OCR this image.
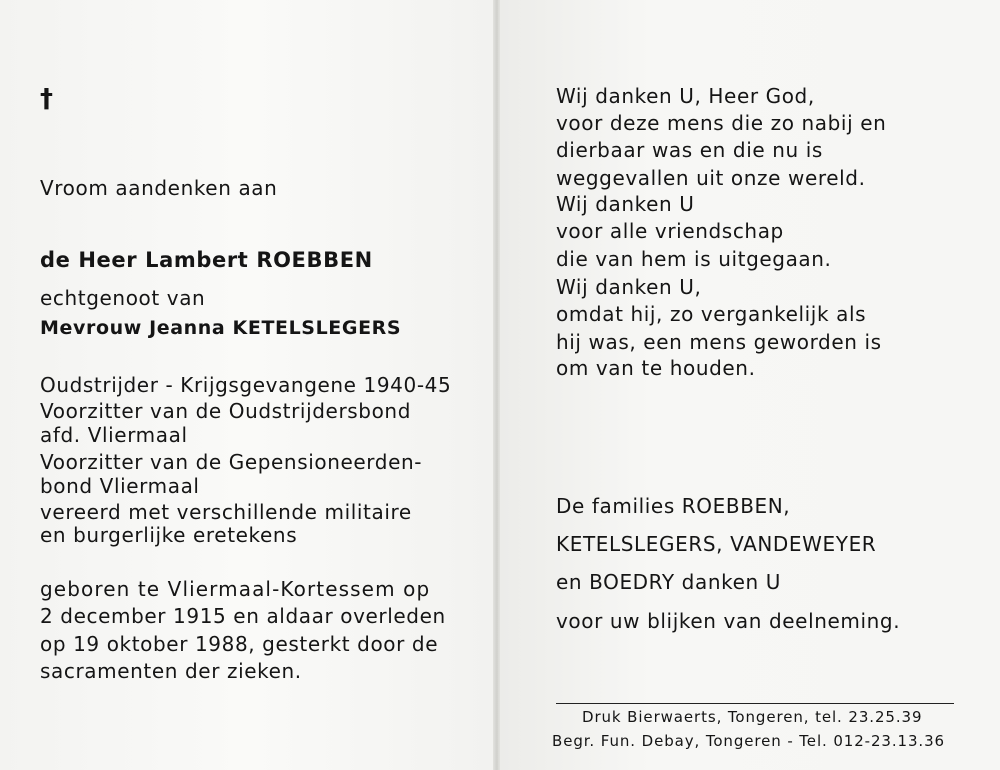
†
Vroom aandenken aan
de Heer Lambert ROEBBEN
echtgenoot van
Mevrouw Jeanna KETELSLEGERS
Oudstrijder - Krijgsgevangene 1940-45
Voorzitter van de Oudstrijdersbond
afd. Vliermaal
Voorzitter van de Gepensioneerden-
bond Vliermaal
vereerd met verschillende militaire
en burgerlijke eretekens
geboren te Vliermaal-Kortessem op
2 december 1915 en aldaar overleden
op 19 oktober 1988, gesterkt door de
sacramenten der zieken.
Wij danken U, Heer God,
voor deze mens die zo nabij en
dierbaar was en die nu is
weggevallen uit onze wereld.
Wij danken U
voor alle vriendschap
die van hem is uitgegaan.
Wij danken U,
omdat hij, zo vergankelijk als
hij was, een mens geworden is
om van te houden.
De families ROEBBEN,
KETELSLEGERS, VANDEWEYER
en BOEDRY danken U
voor uw blijken van deelneming.
Druk Bierwaerts, Tongeren, tel. 23.25.39
Begr. Fun. Debay, Tongeren - Tel. 012-23.13.36
